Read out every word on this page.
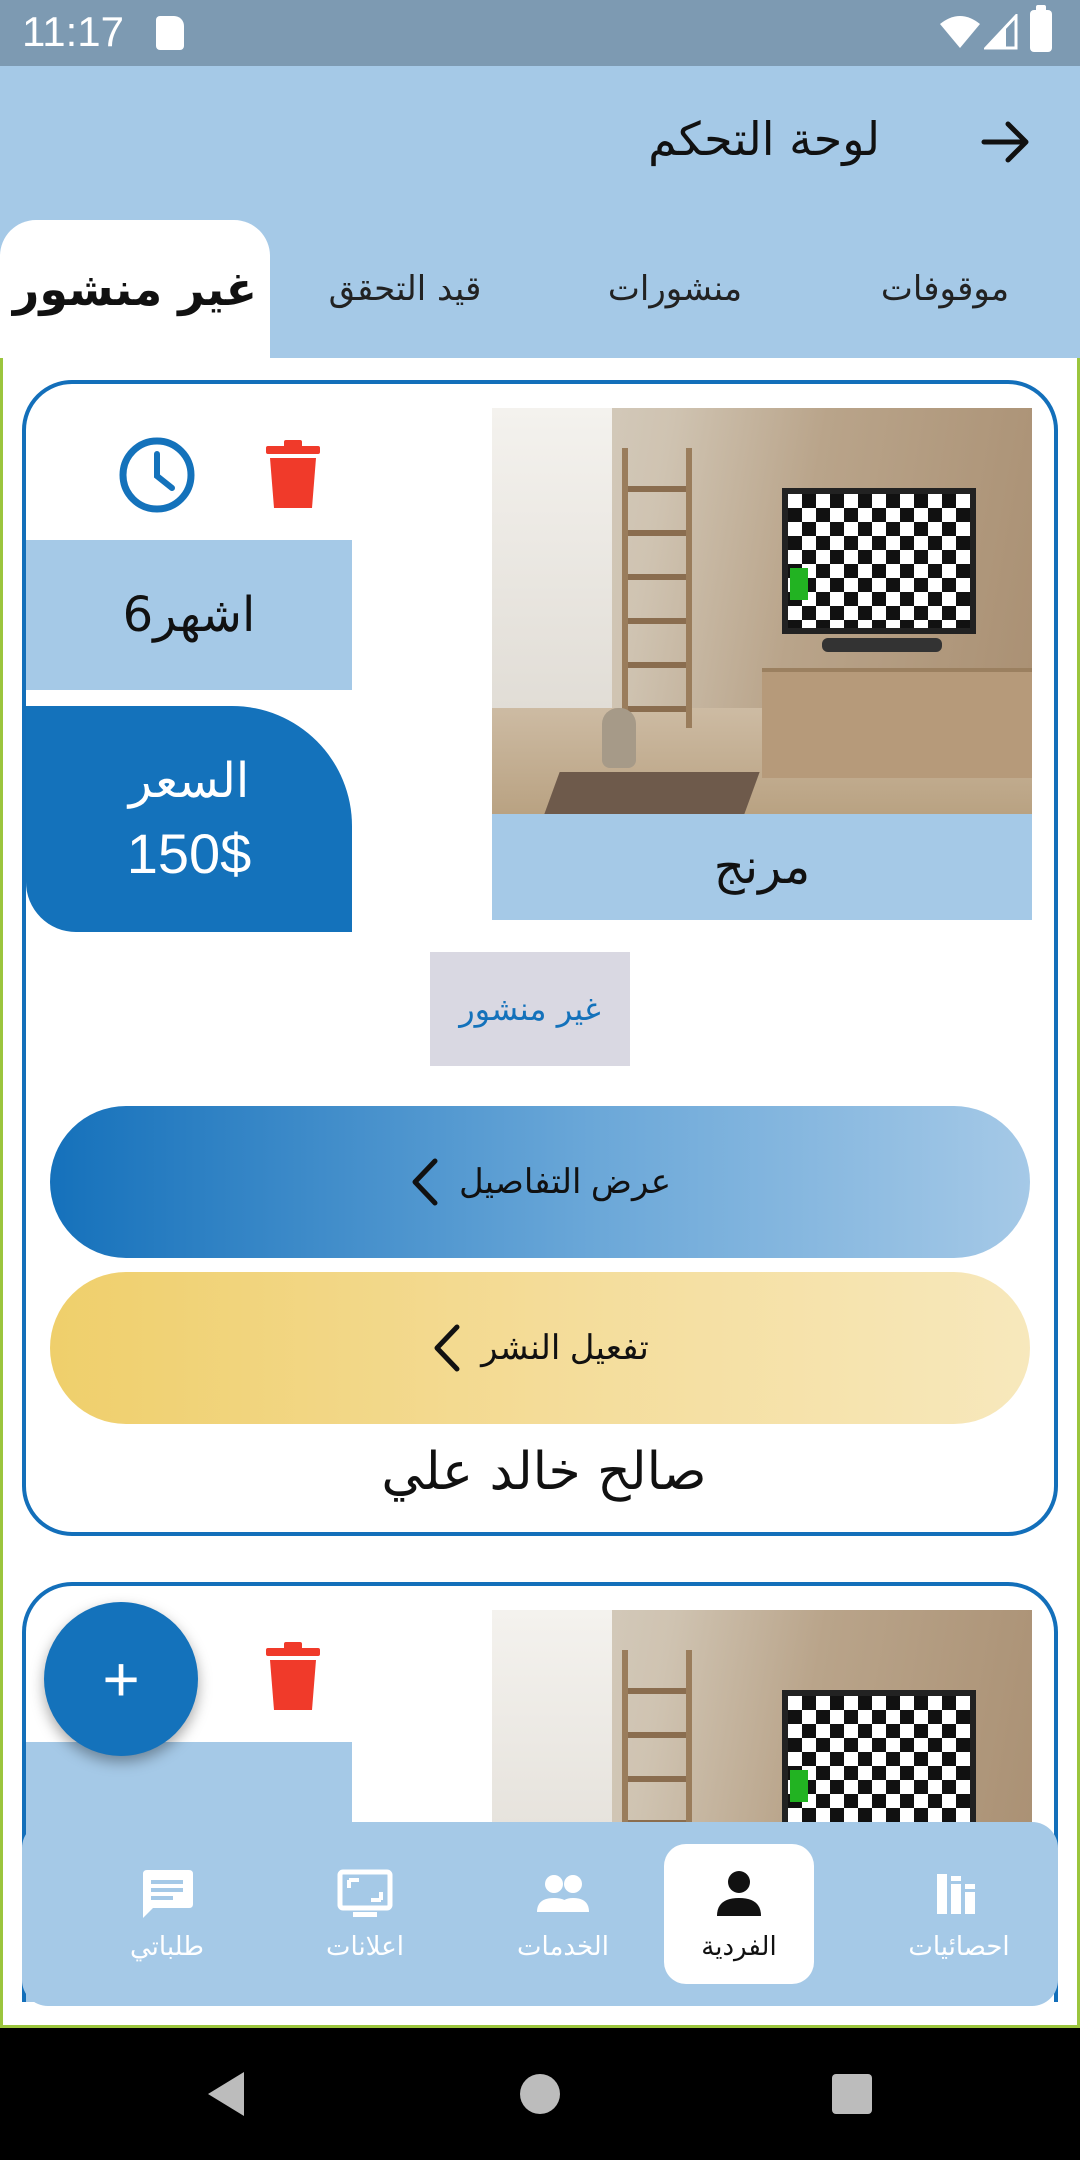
11:17
لوحة التحكم
غير منشور	قيد التحقق	منشورات	موقوفات
مرنج
6اشهر
السعر
150$
غير منشور
عرض التفاصيل
تفعيل النشر
صالح خالد علي
+
طلباتي	اعلانات	الخدمات	الفردية	احصائيات
